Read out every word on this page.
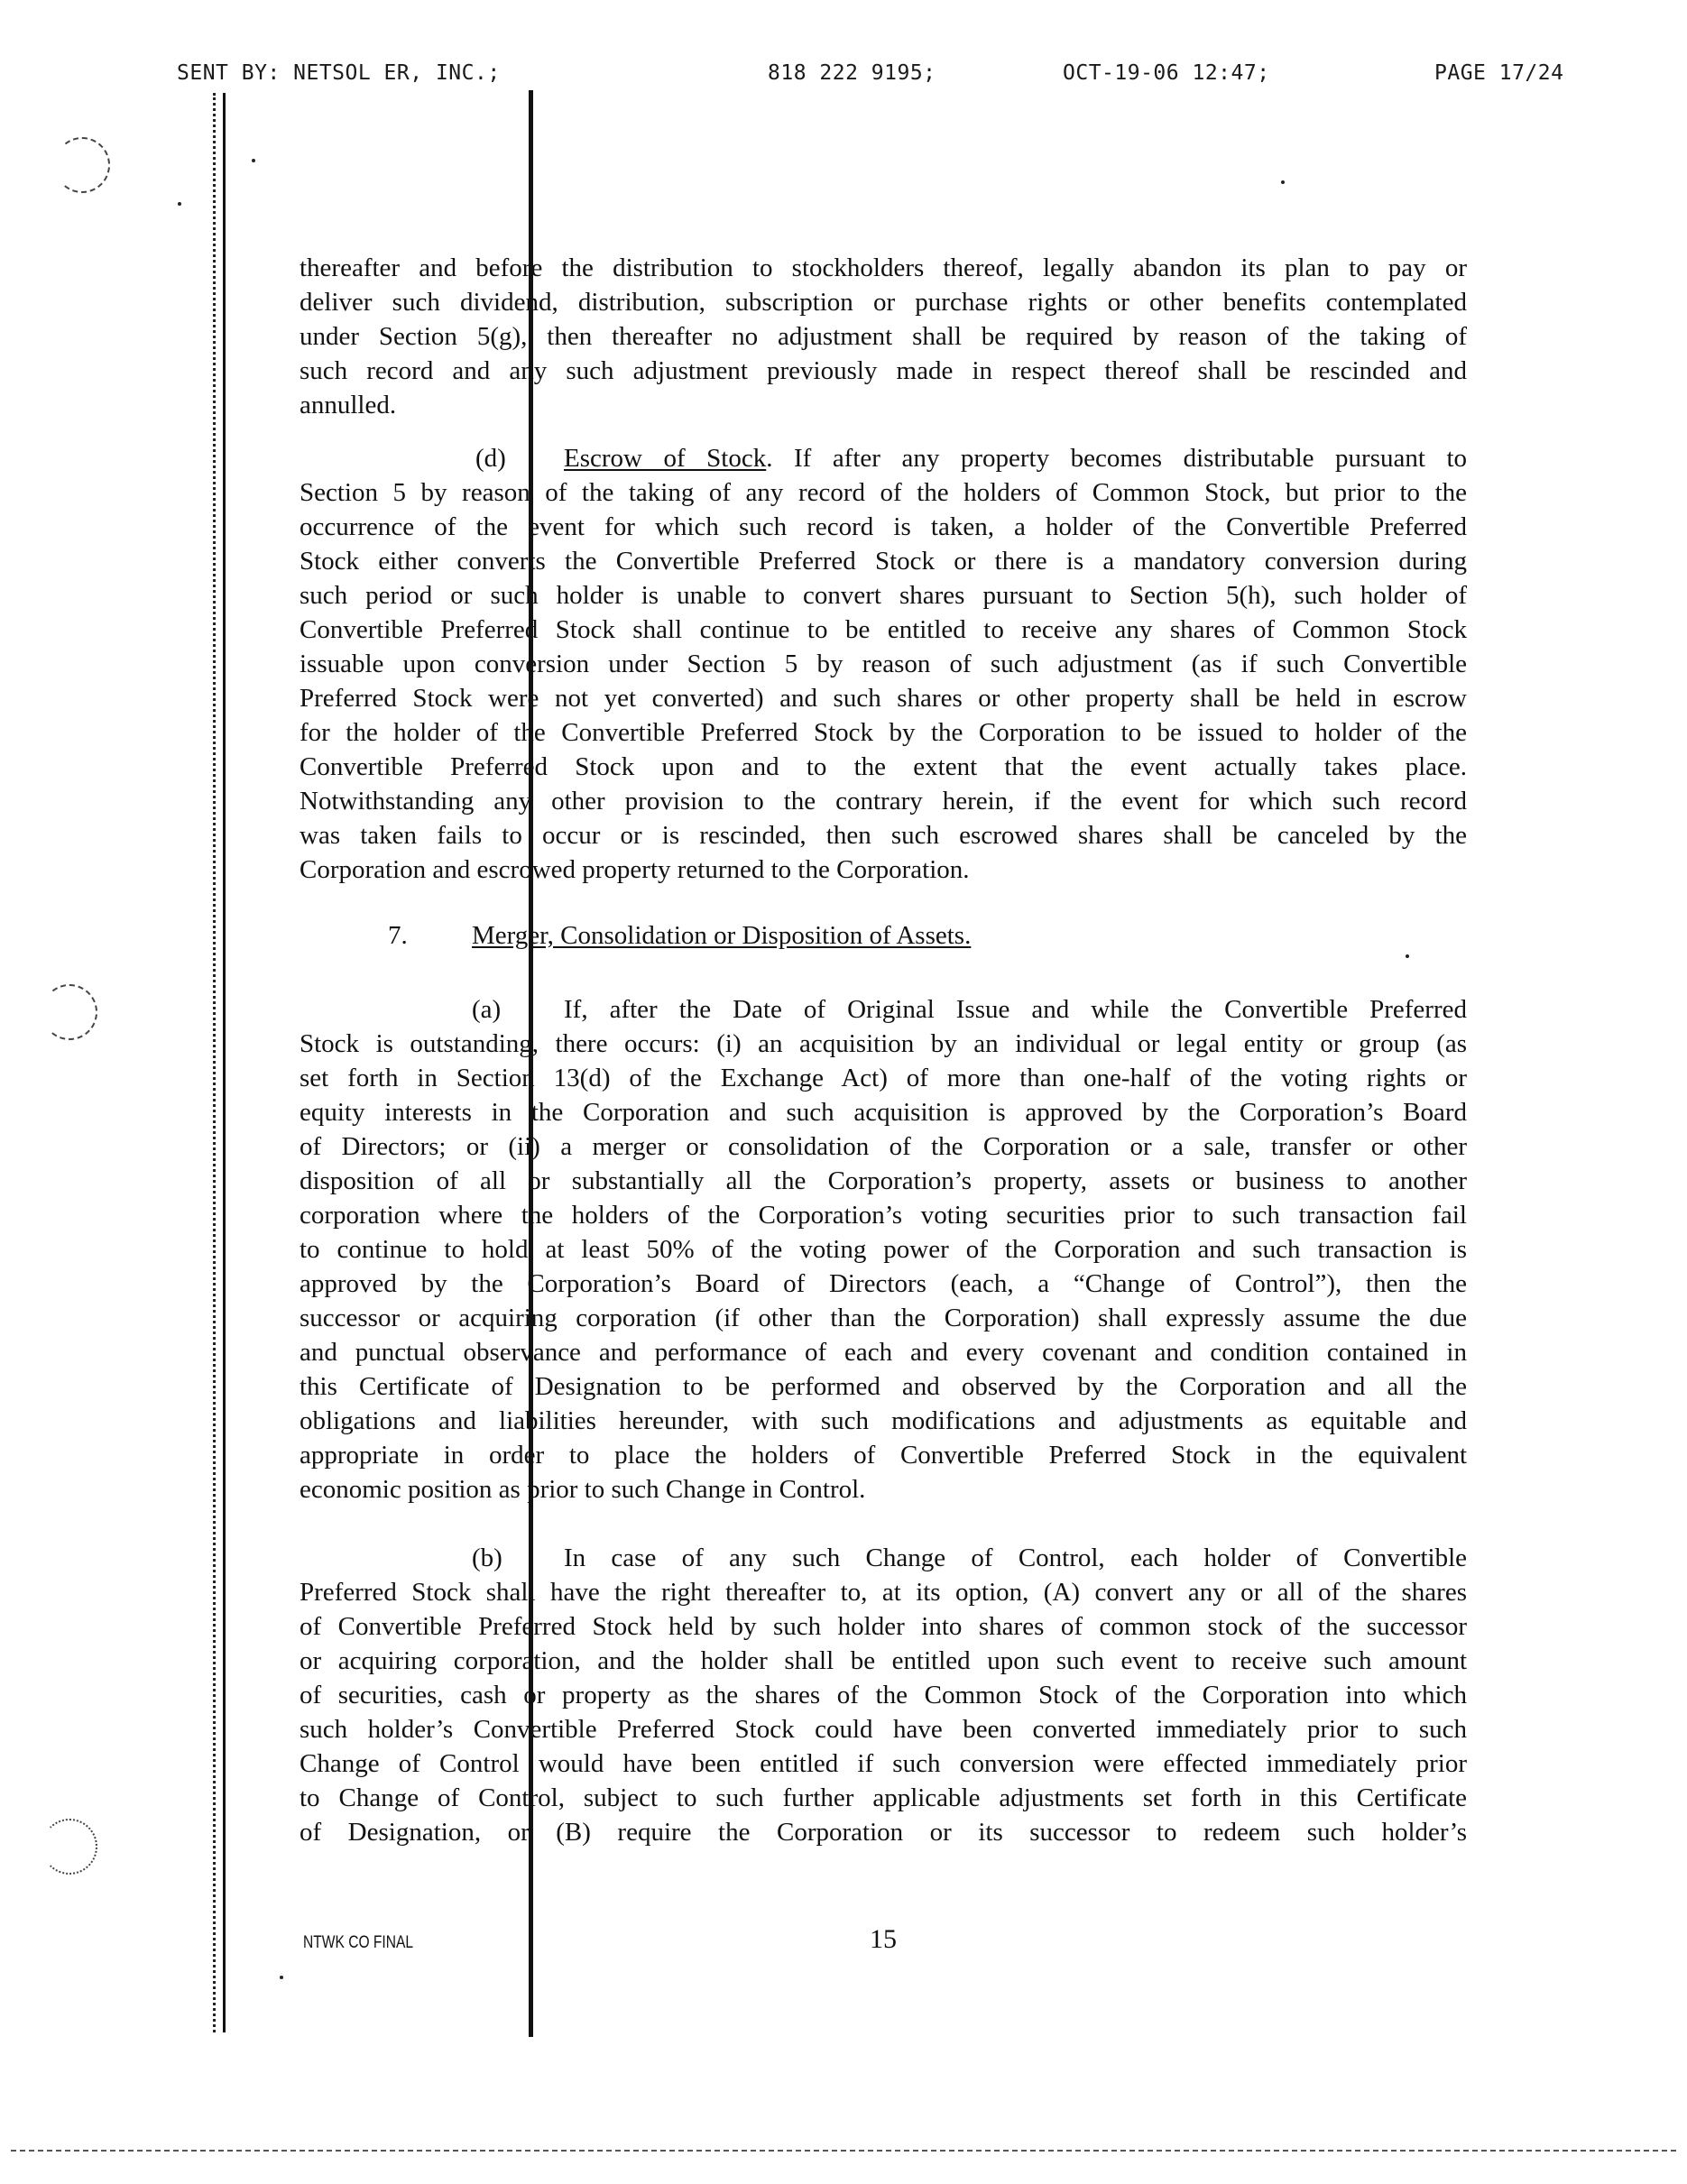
SENT BY: NETSOL ER, INC.;	818 222 9195;	OCT-19-06 12:47;	PAGE 17/24
thereafter and before the distribution to stockholders thereof, legally abandon its plan to pay or
deliver such dividend, distribution, subscription or purchase rights or other benefits contemplated
under Section 5(g), then thereafter no adjustment shall be required by reason of the taking of
such record and any such adjustment previously made in respect thereof shall be rescinded and
annulled.
(d) Escrow of Stock. If after any property becomes distributable pursuant to
Section 5 by reason of the taking of any record of the holders of Common Stock, but prior to the
occurrence of the event for which such record is taken, a holder of the Convertible Preferred
Stock either converts the Convertible Preferred Stock or there is a mandatory conversion during
such period or such holder is unable to convert shares pursuant to Section 5(h), such holder of
Convertible Preferred Stock shall continue to be entitled to receive any shares of Common Stock
issuable upon conversion under Section 5 by reason of such adjustment (as if such Convertible
Preferred Stock were not yet converted) and such shares or other property shall be held in escrow
for the holder of the Convertible Preferred Stock by the Corporation to be issued to holder of the
Convertible Preferred Stock upon and to the extent that the event actually takes place.
Notwithstanding any other provision to the contrary herein, if the event for which such record
was taken fails to occur or is rescinded, then such escrowed shares shall be canceled by the
Corporation and escrowed property returned to the Corporation.
7. Merger, Consolidation or Disposition of Assets.
(a) If, after the Date of Original Issue and while the Convertible Preferred
Stock is outstanding, there occurs: (i) an acquisition by an individual or legal entity or group (as
set forth in Section 13(d) of the Exchange Act) of more than one-half of the voting rights or
equity interests in the Corporation and such acquisition is approved by the Corporation’s Board
of Directors; or (ii) a merger or consolidation of the Corporation or a sale, transfer or other
disposition of all or substantially all the Corporation’s property, assets or business to another
corporation where the holders of the Corporation’s voting securities prior to such transaction fail
to continue to hold at least 50% of the voting power of the Corporation and such transaction is
approved by the Corporation’s Board of Directors (each, a “Change of Control”), then the
successor or acquiring corporation (if other than the Corporation) shall expressly assume the due
and punctual observance and performance of each and every covenant and condition contained in
this Certificate of Designation to be performed and observed by the Corporation and all the
obligations and liabilities hereunder, with such modifications and adjustments as equitable and
appropriate in order to place the holders of Convertible Preferred Stock in the equivalent
economic position as prior to such Change in Control.
(b) In case of any such Change of Control, each holder of Convertible
Preferred Stock shall have the right thereafter to, at its option, (A) convert any or all of the shares
of Convertible Preferred Stock held by such holder into shares of common stock of the successor
or acquiring corporation, and the holder shall be entitled upon such event to receive such amount
of securities, cash or property as the shares of the Common Stock of the Corporation into which
such holder’s Convertible Preferred Stock could have been converted immediately prior to such
Change of Control would have been entitled if such conversion were effected immediately prior
to Change of Control, subject to such further applicable adjustments set forth in this Certificate
of Designation, or (B) require the Corporation or its successor to redeem such holder’s
NTWK CO FINAL	15
